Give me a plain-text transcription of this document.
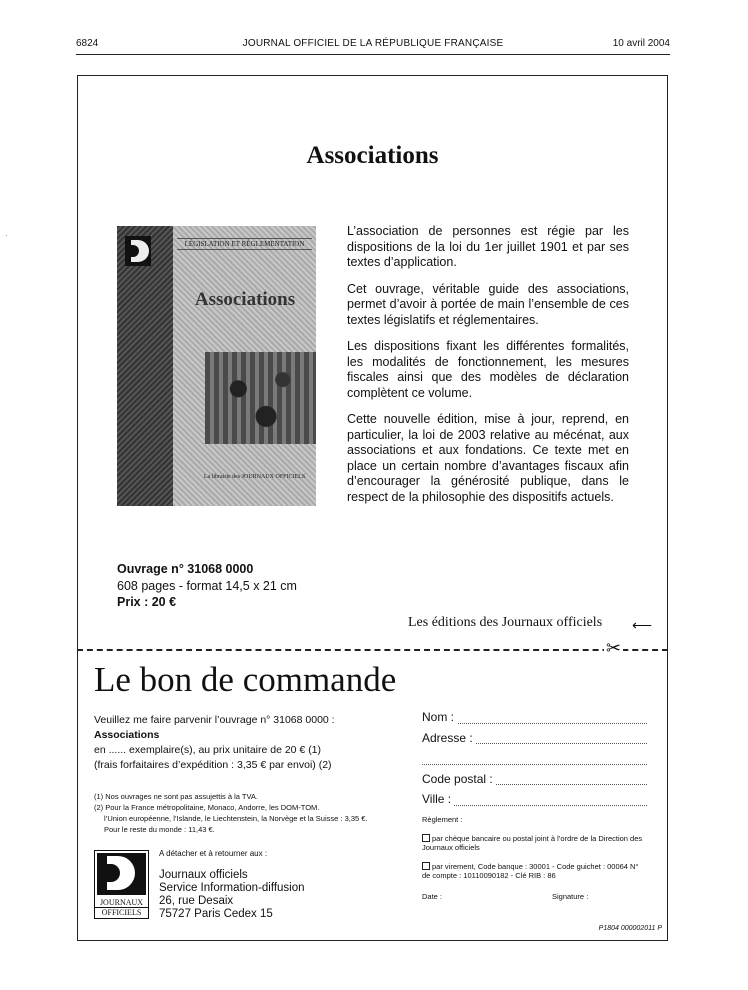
6824	JOURNAL OFFICIEL DE LA RÉPUBLIQUE FRANÇAISE	10 avril 2004
·
Associations
LÉGISLATION ET RÉGLEMENTATION
Associations
La librairie des JOURNAUX OFFICIELS

L’association de personnes est régie par les dispositions de la loi du 1er juillet 1901 et par ses textes d’application.

Cet ouvrage, véritable guide des associations, permet d’avoir à portée de main l’ensemble de ces textes législatifs et réglementaires.

Les dispositions fixant les différentes formalités, les modalités de fonctionnement, les mesures fiscales ainsi que des modèles de déclaration complètent ce volume.

Cette nouvelle édition, mise à jour, reprend, en particulier, la loi de 2003 relative au mécénat, aux associations et aux fondations. Ce texte met en place un certain nombre d’avantages fiscaux afin d’encourager la générosité publique, dans le respect de la philosophie des dispositifs actuels.

Ouvrage n° 31068 0000
608 pages - format 14,5 x 21 cm
Prix : 20 €
Les éditions des Journaux officiels ⟵
✂
Le bon de commande
Veuillez me faire parvenir l’ouvrage n° 31068 0000 :
Associations
en ...... exemplaire(s), au prix unitaire de 20 € (1)
(frais forfaitaires d’expédition : 3,35 € par envoi) (2)
(1) Nos ouvrages ne sont pas assujettis à la TVA.
(2) Pour la France métropolitaine, Monaco, Andorre, les DOM-TOM.
l’Union européenne, l’Islande, le Liechtenstein, la Norvège et la Suisse : 3,35 €.
Pour le reste du monde : 11,43 €.
A détacher et à retourner aux :
JOURNAUX
OFFICIELS
Journaux officiels
Service Information-diffusion
26, rue Desaix
75727 Paris Cedex 15
Nom :
Adresse :
Code postal :
Ville :
Règlement :
par chèque bancaire ou postal joint à l’ordre de la Direction des Journaux officiels
par virement, Code banque : 30001 - Code guichet : 00064 N° de compte : 10110090182 - Clé RIB : 86
Date :	Signature :
P1804 000002011 P
